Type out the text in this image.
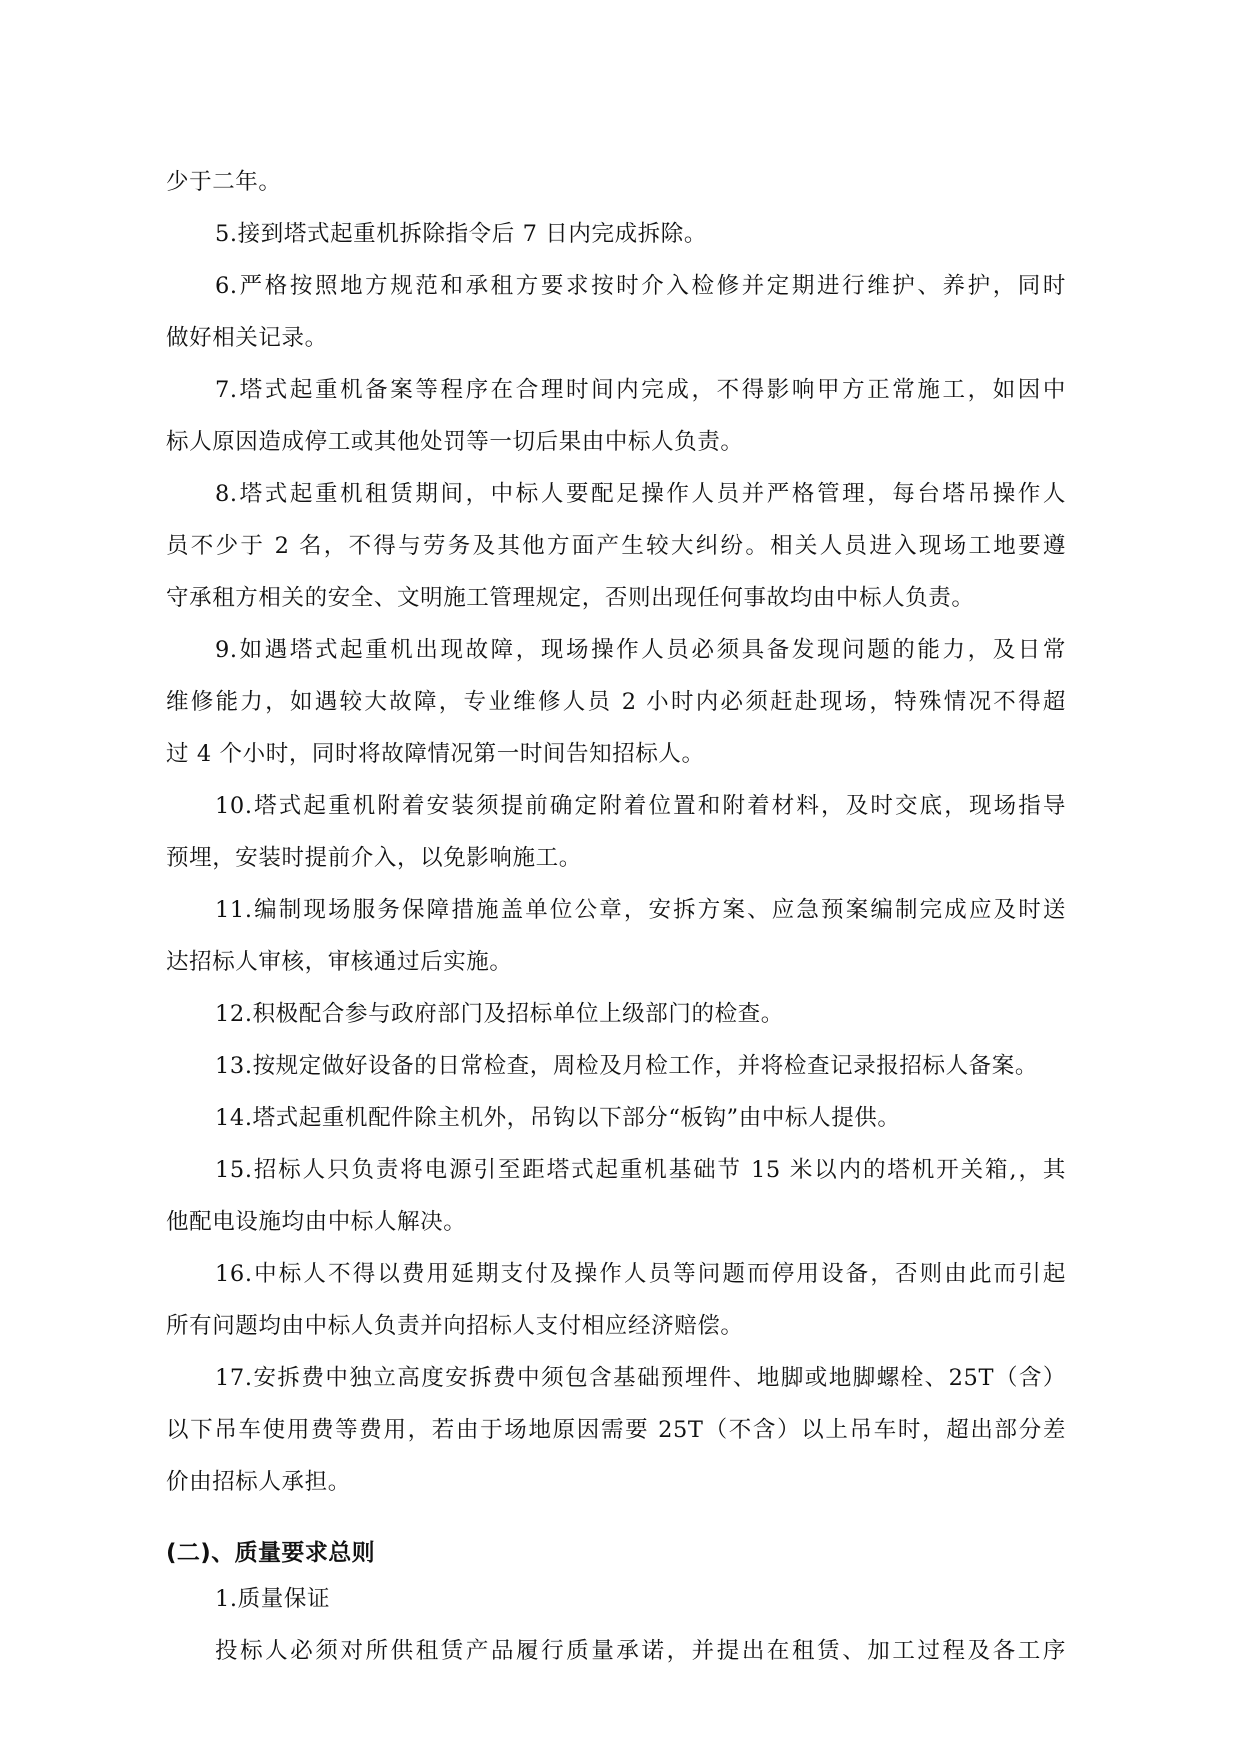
少于二年。
5.接到塔式起重机拆除指令后 7 日内完成拆除。
6.严格按照地方规范和承租方要求按时介入检修并定期进行维护、养护，同时
做好相关记录。
7.塔式起重机备案等程序在合理时间内完成，不得影响甲方正常施工，如因中
标人原因造成停工或其他处罚等一切后果由中标人负责。
8.塔式起重机租赁期间，中标人要配足操作人员并严格管理，每台塔吊操作人
员不少于 2 名，不得与劳务及其他方面产生较大纠纷。相关人员进入现场工地要遵
守承租方相关的安全、文明施工管理规定，否则出现任何事故均由中标人负责。
9.如遇塔式起重机出现故障，现场操作人员必须具备发现问题的能力，及日常
维修能力，如遇较大故障，专业维修人员 2 小时内必须赶赴现场，特殊情况不得超
过 4 个小时，同时将故障情况第一时间告知招标人。
10.塔式起重机附着安装须提前确定附着位置和附着材料，及时交底，现场指导
预埋，安装时提前介入，以免影响施工。
11.编制现场服务保障措施盖单位公章，安拆方案、应急预案编制完成应及时送
达招标人审核，审核通过后实施。
12.积极配合参与政府部门及招标单位上级部门的检查。
13.按规定做好设备的日常检查，周检及月检工作，并将检查记录报招标人备案。
14.塔式起重机配件除主机外，吊钩以下部分“板钩”由中标人提供。
15.招标人只负责将电源引至距塔式起重机基础节 15 米以内的塔机开关箱,，其
他配电设施均由中标人解决。
16.中标人不得以费用延期支付及操作人员等问题而停用设备，否则由此而引起
所有问题均由中标人负责并向招标人支付相应经济赔偿。
17.安拆费中独立高度安拆费中须包含基础预埋件、地脚或地脚螺栓、25T（含）
以下吊车使用费等费用，若由于场地原因需要 25T（不含）以上吊车时，超出部分差
价由招标人承担。
(二)、质量要求总则
1.质量保证
投标人必须对所供租赁产品履行质量承诺，并提出在租赁、加工过程及各工序
